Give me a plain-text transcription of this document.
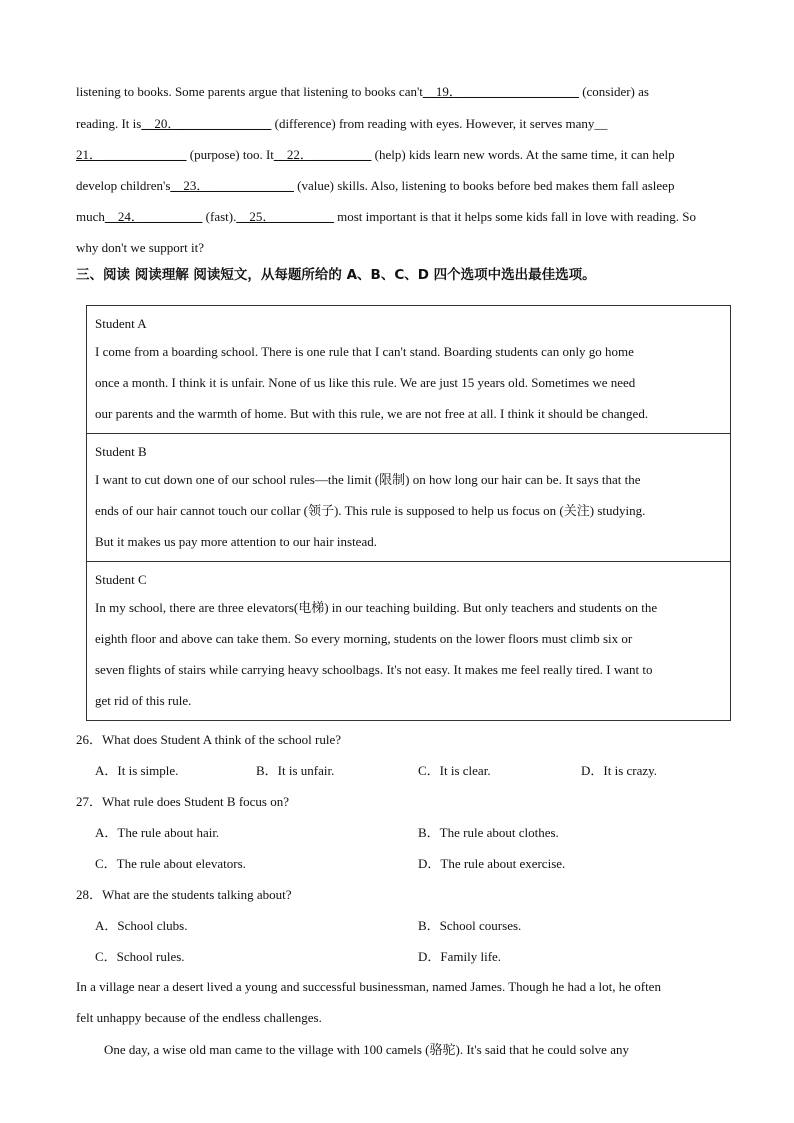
listening to books. Some parents argue that listening to books can't__19．__________________ (consider) as
reading. It is__20．______________ (difference) from reading with eyes. However, it serves many__
21．_____________ (purpose) too. It__22．_________ (help) kids learn new words. At the same time, it can help
develop children's__23．_____________ (value) skills. Also, listening to books before bed makes them fall asleep
much__24．_________ (fast).__25．_________ most important is that it helps some kids fall in love with reading. So
why don't we support it?
三、阅读 阅读理解 阅读短文，从每题所给的 A、B、C、D 四个选项中选出最佳选项。
Student A
I come from a boarding school. There is one rule that I can't stand. Boarding students can only go home
once a month. I think it is unfair. None of us like this rule. We are just 15 years old. Sometimes we need
our parents and the warmth of home. But with this rule, we are not free at all. I think it should be changed.
Student B
I want to cut down one of our school rules—the limit (限制) on how long our hair can be. It says that the
ends of our hair cannot touch our collar (领子). This rule is supposed to help us focus on (关注) studying.
But it makes us pay more attention to our hair instead.
Student C
In my school, there are three elevators(电梯) in our teaching building. But only teachers and students on the
eighth floor and above can take them. So every morning, students on the lower floors must climb six or
seven flights of stairs while carrying heavy schoolbags. It's not easy. It makes me feel really tired. I want to
get rid of this rule.
26．What does Student A think of the school rule?
A．It is simple.	B．It is unfair.	C．It is clear.	D．It is crazy.
27．What rule does Student B focus on?
A．The rule about hair.	B．The rule about clothes.
C．The rule about elevators.	D．The rule about exercise.
28．What are the students talking about?
A．School clubs.	B．School courses.
C．School rules.	D．Family life.
In a village near a desert lived a young and successful businessman, named James. Though he had a lot, he often
felt unhappy because of the endless challenges.
One day, a wise old man came to the village with 100 camels (骆驼). It's said that he could solve any
